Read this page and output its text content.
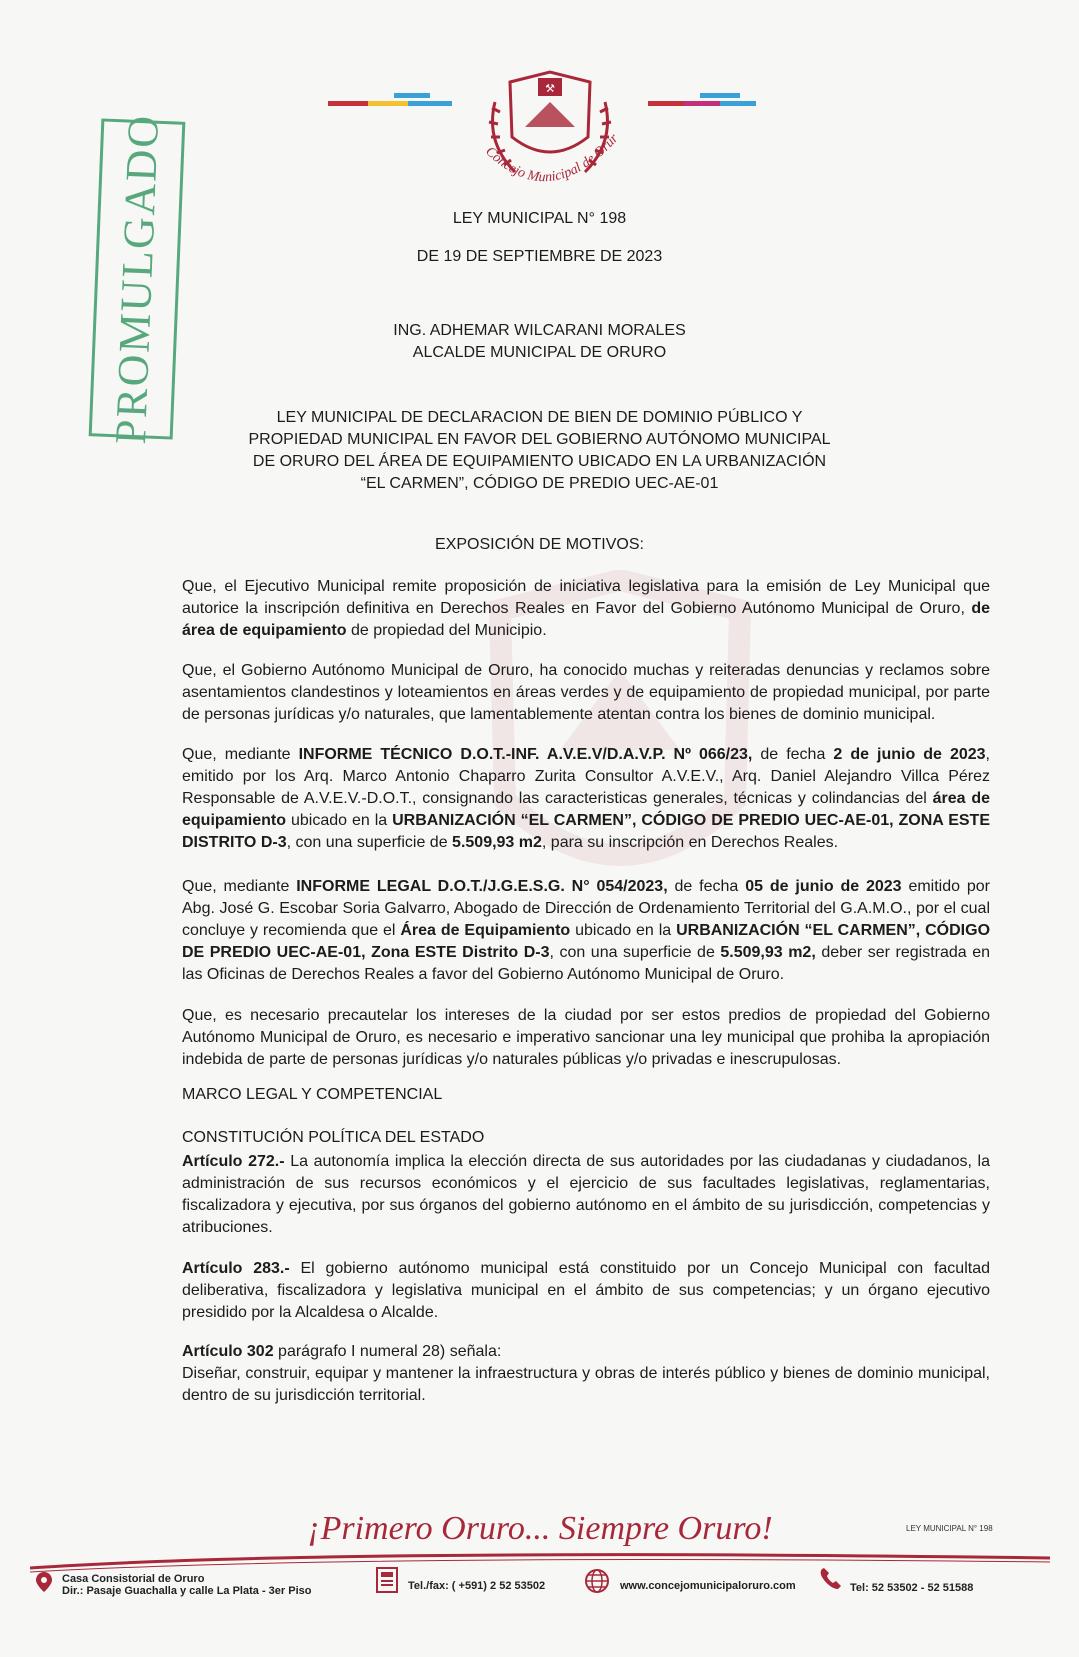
⚒
Concejo Municipal de Orur
PROMULGADO	LEY MUNICIPAL N° 198
DE 19 DE SEPTIEMBRE DE 2023
ING. ADHEMAR WILCARANI MORALES
ALCALDE MUNICIPAL DE ORURO
LEY MUNICIPAL DE DECLARACION DE BIEN DE DOMINIO PÚBLICO Y
PROPIEDAD MUNICIPAL EN FAVOR DEL GOBIERNO AUTÓNOMO MUNICIPAL
DE ORURO DEL ÁREA DE EQUIPAMIENTO UBICADO EN LA URBANIZACIÓN
“EL CARMEN”, CÓDIGO DE PREDIO UEC-AE-01
EXPOSICIÓN DE MOTIVOS:
Que, el Ejecutivo Municipal remite proposición de iniciativa legislativa para la emisión de Ley Municipal que autorice la inscripción definitiva en Derechos Reales en Favor del Gobierno Autónomo Municipal de Oruro, de área de equipamiento de propiedad del Municipio.
Que, el Gobierno Autónomo Municipal de Oruro, ha conocido muchas y reiteradas denuncias y reclamos sobre asentamientos clandestinos y loteamientos en áreas verdes y de equipamiento de propiedad municipal, por parte de personas jurídicas y/o naturales, que lamentablemente atentan contra los bienes de dominio municipal.
Que, mediante INFORME TÉCNICO D.O.T.-INF. A.V.E.V/D.A.V.P. Nº 066/23, de fecha 2 de junio de 2023, emitido por los Arq. Marco Antonio Chaparro Zurita Consultor A.V.E.V., Arq. Daniel Alejandro Villca Pérez Responsable de A.V.E.V.-D.O.T., consignando las caracteristicas generales, técnicas y colindancias del área de equipamiento ubicado en la URBANIZACIÓN “EL CARMEN”, CÓDIGO DE PREDIO UEC-AE-01, ZONA ESTE DISTRITO D-3, con una superficie de 5.509,93 m2, para su inscripción en Derechos Reales.
Que, mediante INFORME LEGAL D.O.T./J.G.E.S.G. N° 054/2023, de fecha 05 de junio de 2023 emitido por Abg. José G. Escobar Soria Galvarro, Abogado de Dirección de Ordenamiento Territorial del G.A.M.O., por el cual concluye y recomienda que el Área de Equipamiento ubicado en la URBANIZACIÓN “EL CARMEN”, CÓDIGO DE PREDIO UEC-AE-01, Zona ESTE Distrito D-3, con una superficie de 5.509,93 m2, deber ser registrada en las Oficinas de Derechos Reales a favor del Gobierno Autónomo Municipal de Oruro.
Que, es necesario precautelar los intereses de la ciudad por ser estos predios de propiedad del Gobierno Autónomo Municipal de Oruro, es necesario e imperativo sancionar una ley municipal que prohiba la apropiación indebida de parte de personas jurídicas y/o naturales públicas y/o privadas e inescrupulosas.
MARCO LEGAL Y COMPETENCIAL
CONSTITUCIÓN POLÍTICA DEL ESTADO
Artículo 272.- La autonomía implica la elección directa de sus autoridades por las ciudadanas y ciudadanos, la administración de sus recursos económicos y el ejercicio de sus facultades legislativas, reglamentarias, fiscalizadora y ejecutiva, por sus órganos del gobierno autónomo en el ámbito de su jurisdicción, competencias y atribuciones.
Artículo 283.- El gobierno autónomo municipal está constituido por un Concejo Municipal con facultad deliberativa, fiscalizadora y legislativa municipal en el ámbito de sus competencias; y un órgano ejecutivo presidido por la Alcaldesa o Alcalde.
Artículo 302 parágrafo I numeral 28) señala:
Diseñar, construir, equipar y mantener la infraestructura y obras de interés público y bienes de dominio municipal, dentro de su jurisdicción territorial.
¡Primero Oruro... Siempre Oruro!	LEY MUNICIPAL N° 198
Casa Consistorial de Oruro
Dir.: Pasaje Guachalla y calle La Plata - 3er Piso	Tel./fax: ( +591) 2 52 53502	www.concejomunicipaloruro.com	Tel: 52 53502 - 52 51588
